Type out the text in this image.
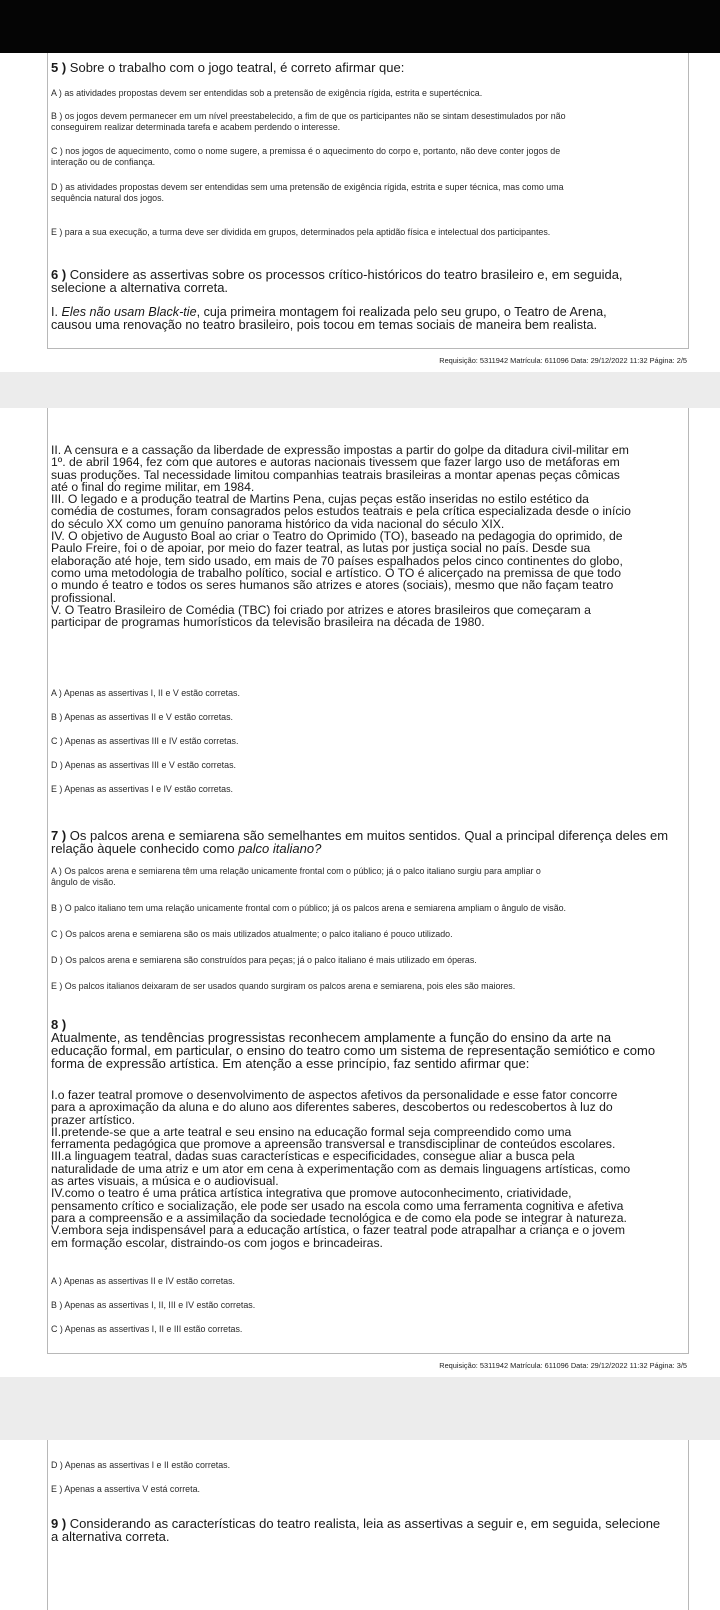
5 ) Sobre o trabalho com o jogo teatral, é correto afirmar que:
A ) as atividades propostas devem ser entendidas sob a pretensão de exigência rígida, estrita e supertécnica.
B ) os jogos devem permanecer em um nível preestabelecido, a fim de que os participantes não se sintam desestimulados por não
conseguirem realizar determinada tarefa e acabem perdendo o interesse.
C ) nos jogos de aquecimento, como o nome sugere, a premissa é o aquecimento do corpo e, portanto, não deve conter jogos de
interação ou de confiança.
D ) as atividades propostas devem ser entendidas sem uma pretensão de exigência rígida, estrita e super técnica, mas como uma
sequência natural dos jogos.
E ) para a sua execução, a turma deve ser dividida em grupos, determinados pela aptidão física e intelectual dos participantes.
6 ) Considere as assertivas sobre os processos crítico-históricos do teatro brasileiro e, em seguida,
selecione a alternativa correta.
I. Eles não usam Black-tie, cuja primeira montagem foi realizada pelo seu grupo, o Teatro de Arena,
causou uma renovação no teatro brasileiro, pois tocou em temas sociais de maneira bem realista.
Requisição: 5311942 Matrícula: 611096 Data: 29/12/2022 11:32 Página: 2/5
II. A censura e a cassação da liberdade de expressão impostas a partir do golpe da ditadura civil-militar em
1º. de abril 1964, fez com que autores e autoras nacionais tivessem que fazer largo uso de metáforas em
suas produções. Tal necessidade limitou companhias teatrais brasileiras a montar apenas peças cômicas
até o final do regime militar, em 1984.
III. O legado e a produção teatral de Martins Pena, cujas peças estão inseridas no estilo estético da
comédia de costumes, foram consagrados pelos estudos teatrais e pela crítica especializada desde o início
do século XX como um genuíno panorama histórico da vida nacional do século XIX.
IV. O objetivo de Augusto Boal ao criar o Teatro do Oprimido (TO), baseado na pedagogia do oprimido, de
Paulo Freire, foi o de apoiar, por meio do fazer teatral, as lutas por justiça social no país. Desde sua
elaboração até hoje, tem sido usado, em mais de 70 países espalhados pelos cinco continentes do globo,
como uma metodologia de trabalho político, social e artístico. O TO é alicerçado na premissa de que todo
o mundo é teatro e todos os seres humanos são atrizes e atores (sociais), mesmo que não façam teatro
profissional.
V. O Teatro Brasileiro de Comédia (TBC) foi criado por atrizes e atores brasileiros que começaram a
participar de programas humorísticos da televisão brasileira na década de 1980.
A ) Apenas as assertivas I, II e V estão corretas.
B ) Apenas as assertivas II e V estão corretas.
C ) Apenas as assertivas III e IV estão corretas.
D ) Apenas as assertivas III e V estão corretas.
E ) Apenas as assertivas I e IV estão corretas.
7 ) Os palcos arena e semiarena são semelhantes em muitos sentidos. Qual a principal diferença deles em
relação àquele conhecido como palco italiano?
A ) Os palcos arena e semiarena têm uma relação unicamente frontal com o público; já o palco italiano surgiu para ampliar o
ângulo de visão.
B ) O palco italiano tem uma relação unicamente frontal com o público; já os palcos arena e semiarena ampliam o ângulo de visão.
C ) Os palcos arena e semiarena são os mais utilizados atualmente; o palco italiano é pouco utilizado.
D ) Os palcos arena e semiarena são construídos para peças; já o palco italiano é mais utilizado em óperas.
E ) Os palcos italianos deixaram de ser usados quando surgiram os palcos arena e semiarena, pois eles são maiores.
8 )
Atualmente, as tendências progressistas reconhecem amplamente a função do ensino da arte na
educação formal, em particular, o ensino do teatro como um sistema de representação semiótico e como
forma de expressão artística. Em atenção a esse princípio, faz sentido afirmar que:
I.o fazer teatral promove o desenvolvimento de aspectos afetivos da personalidade e esse fator concorre
para a aproximação da aluna e do aluno aos diferentes saberes, descobertos ou redescobertos à luz do
prazer artístico.
II.pretende-se que a arte teatral e seu ensino na educação formal seja compreendido como uma
ferramenta pedagógica que promove a apreensão transversal e transdisciplinar de conteúdos escolares.
III.a linguagem teatral, dadas suas características e especificidades, consegue aliar a busca pela
naturalidade de uma atriz e um ator em cena à experimentação com as demais linguagens artísticas, como
as artes visuais, a música e o audiovisual.
IV.como o teatro é uma prática artística integrativa que promove autoconhecimento, criatividade,
pensamento crítico e socialização, ele pode ser usado na escola como uma ferramenta cognitiva e afetiva
para a compreensão e a assimilação da sociedade tecnológica e de como ela pode se integrar à natureza.
V.embora seja indispensável para a educação artística, o fazer teatral pode atrapalhar a criança e o jovem
em formação escolar, distraindo-os com jogos e brincadeiras.
A ) Apenas as assertivas II e IV estão corretas.
B ) Apenas as assertivas I, II, III e IV estão corretas.
C ) Apenas as assertivas I, II e III estão corretas.
Requisição: 5311942 Matrícula: 611096 Data: 29/12/2022 11:32 Página: 3/5
D ) Apenas as assertivas I e II estão corretas.
E ) Apenas a assertiva V está correta.
9 ) Considerando as características do teatro realista, leia as assertivas a seguir e, em seguida, selecione
a alternativa correta.
